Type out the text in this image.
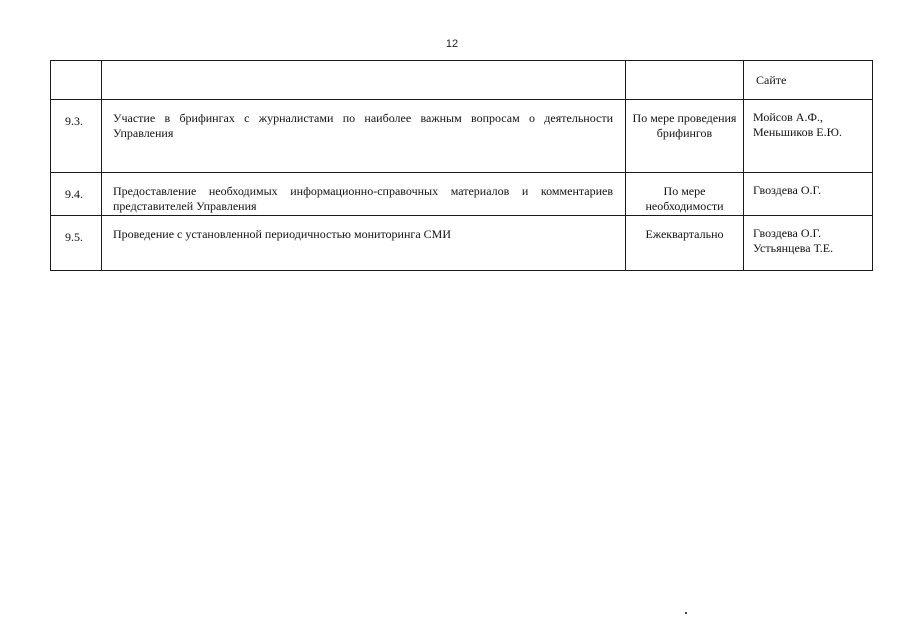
12

			Сайте

9.3.	Участие в брифингах с журналистами по наиболее важным вопросам о деятельности Управления	По мере проведения брифингов	Мойсов А.Ф.,
Меньшиков Е.Ю.

9.4.	Предоставление необходимых информационно-справочных материалов и комментариев представителей Управления	По мере необходимости	Гвоздева О.Г.

9.5.	Проведение с установленной периодичностью мониторинга СМИ	Ежеквартально	Гвоздева О.Г.
Устьянцева Т.Е.
